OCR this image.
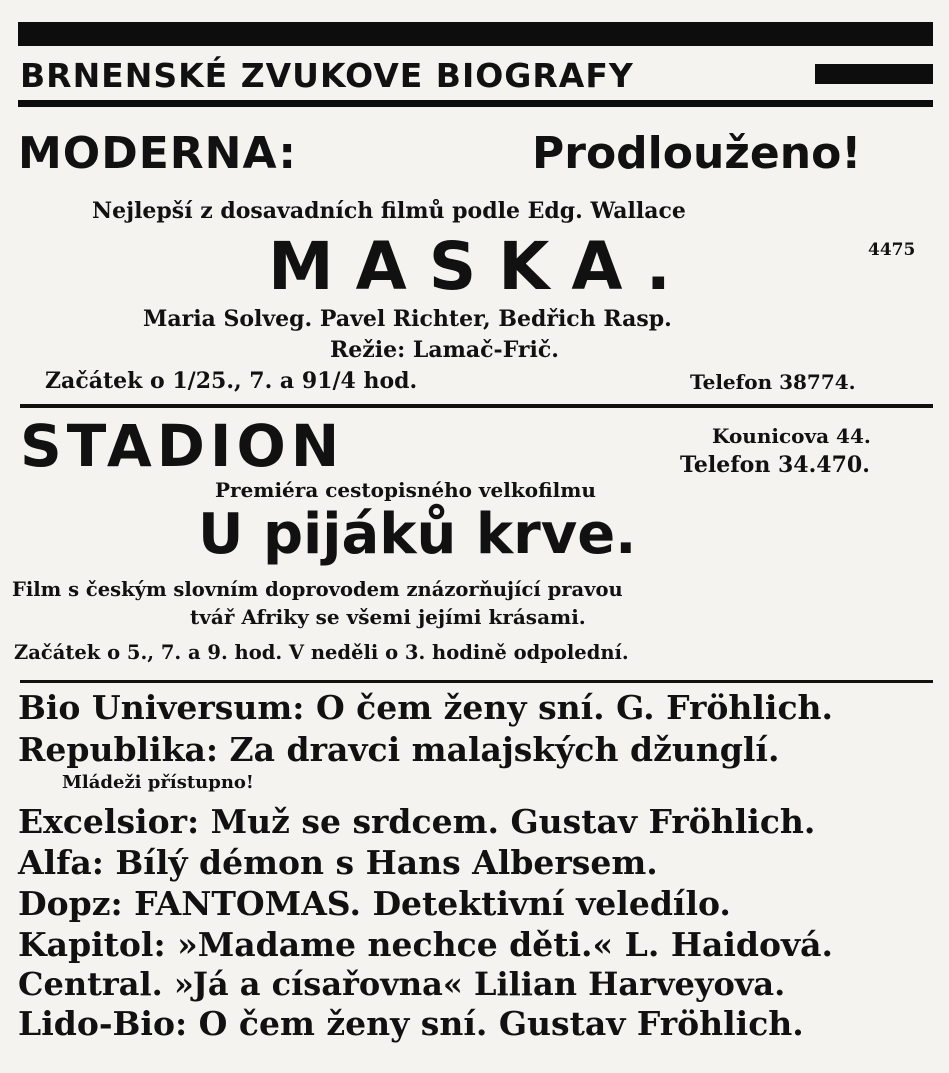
BRNENSKÉ ZVUKOVE BIOGRAFY
MODERNA:	Prodlouženo!
Nejlepší z dosavadních filmů podle Edg. Wallace
MASKA.	4475
Maria Solveg. Pavel Richter, Bedřich Rasp.
Režie: Lamač-Frič.
Začátek o 1/25., 7. a 91/4 hod.	Telefon 38774.
STADION	Kounicova 44.
Telefon 34.470.
Premiéra cestopisného velkofilmu
U pijáků krve.
Film s českým slovním doprovodem znázorňující pravou
tvář Afriky se všemi jejími krásami.
Začátek o 5., 7. a 9. hod. V neděli o 3. hodině odpolední.
Bio Universum: O čem ženy sní. G. Fröhlich.
Republika: Za dravci malajských džunglí.
Mládeži přístupno!
Excelsior: Muž se srdcem. Gustav Fröhlich.
Alfa: Bílý démon s Hans Albersem.
Dopz: FANTOMAS. Detektivní veledílo.
Kapitol: »Madame nechce děti.« L. Haidová.
Central. »Já a císařovna« Lilian Harveyova.
Lido-Bio: O čem ženy sní. Gustav Fröhlich.
